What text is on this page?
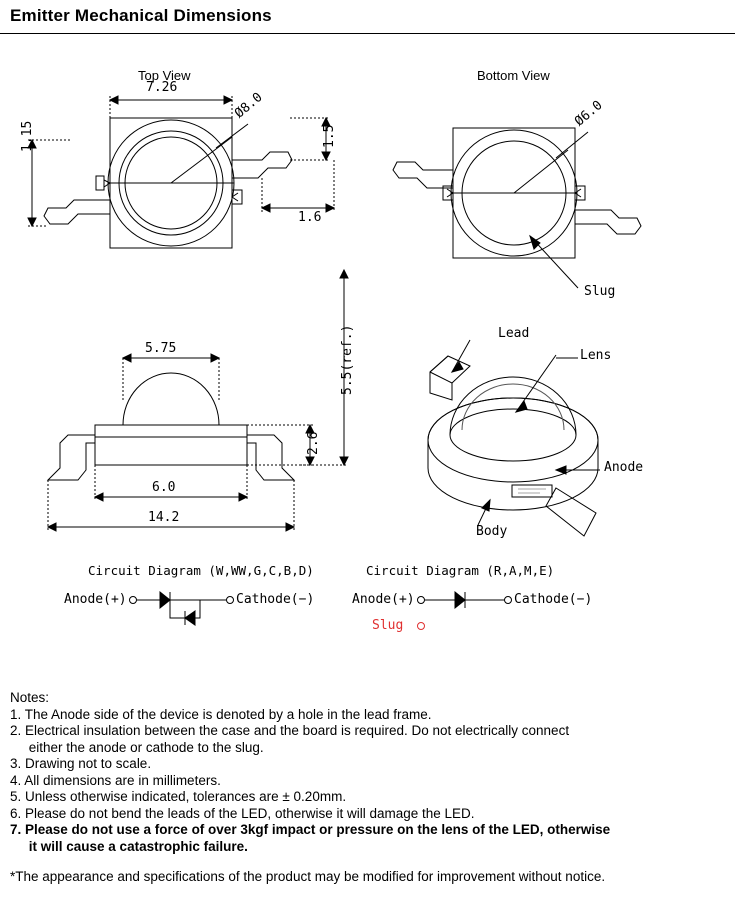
Emitter Mechanical Dimensions
Top View	Bottom View
7.26
Ø8.0
1.5
1.15
1.6
Ø6.0
Slug
5.75
6.0
14.2
2.6
5.5(ref.)	Lead
Lens
Anode
Body
Circuit Diagram (W,WW,G,C,B,D)
Anode(+)	Cathode(−)
Circuit Diagram (R,A,M,E)
Anode(+)	Cathode(−)
Slug
Notes:
1. The Anode side of the device is denoted by a hole in the lead frame.
2. Electrical insulation between the case and the board is required. Do not electrically connect
either the anode or cathode to the slug.
3. Drawing not to scale.
4. All dimensions are in millimeters.
5. Unless otherwise indicated, tolerances are ± 0.20mm.
6. Please do not bend the leads of the LED, otherwise it will damage the LED.
7. Please do not use a force of over 3kgf impact or pressure on the lens of the LED, otherwise
it will cause a catastrophic failure.
*The appearance and specifications of the product may be modified for improvement without notice.
